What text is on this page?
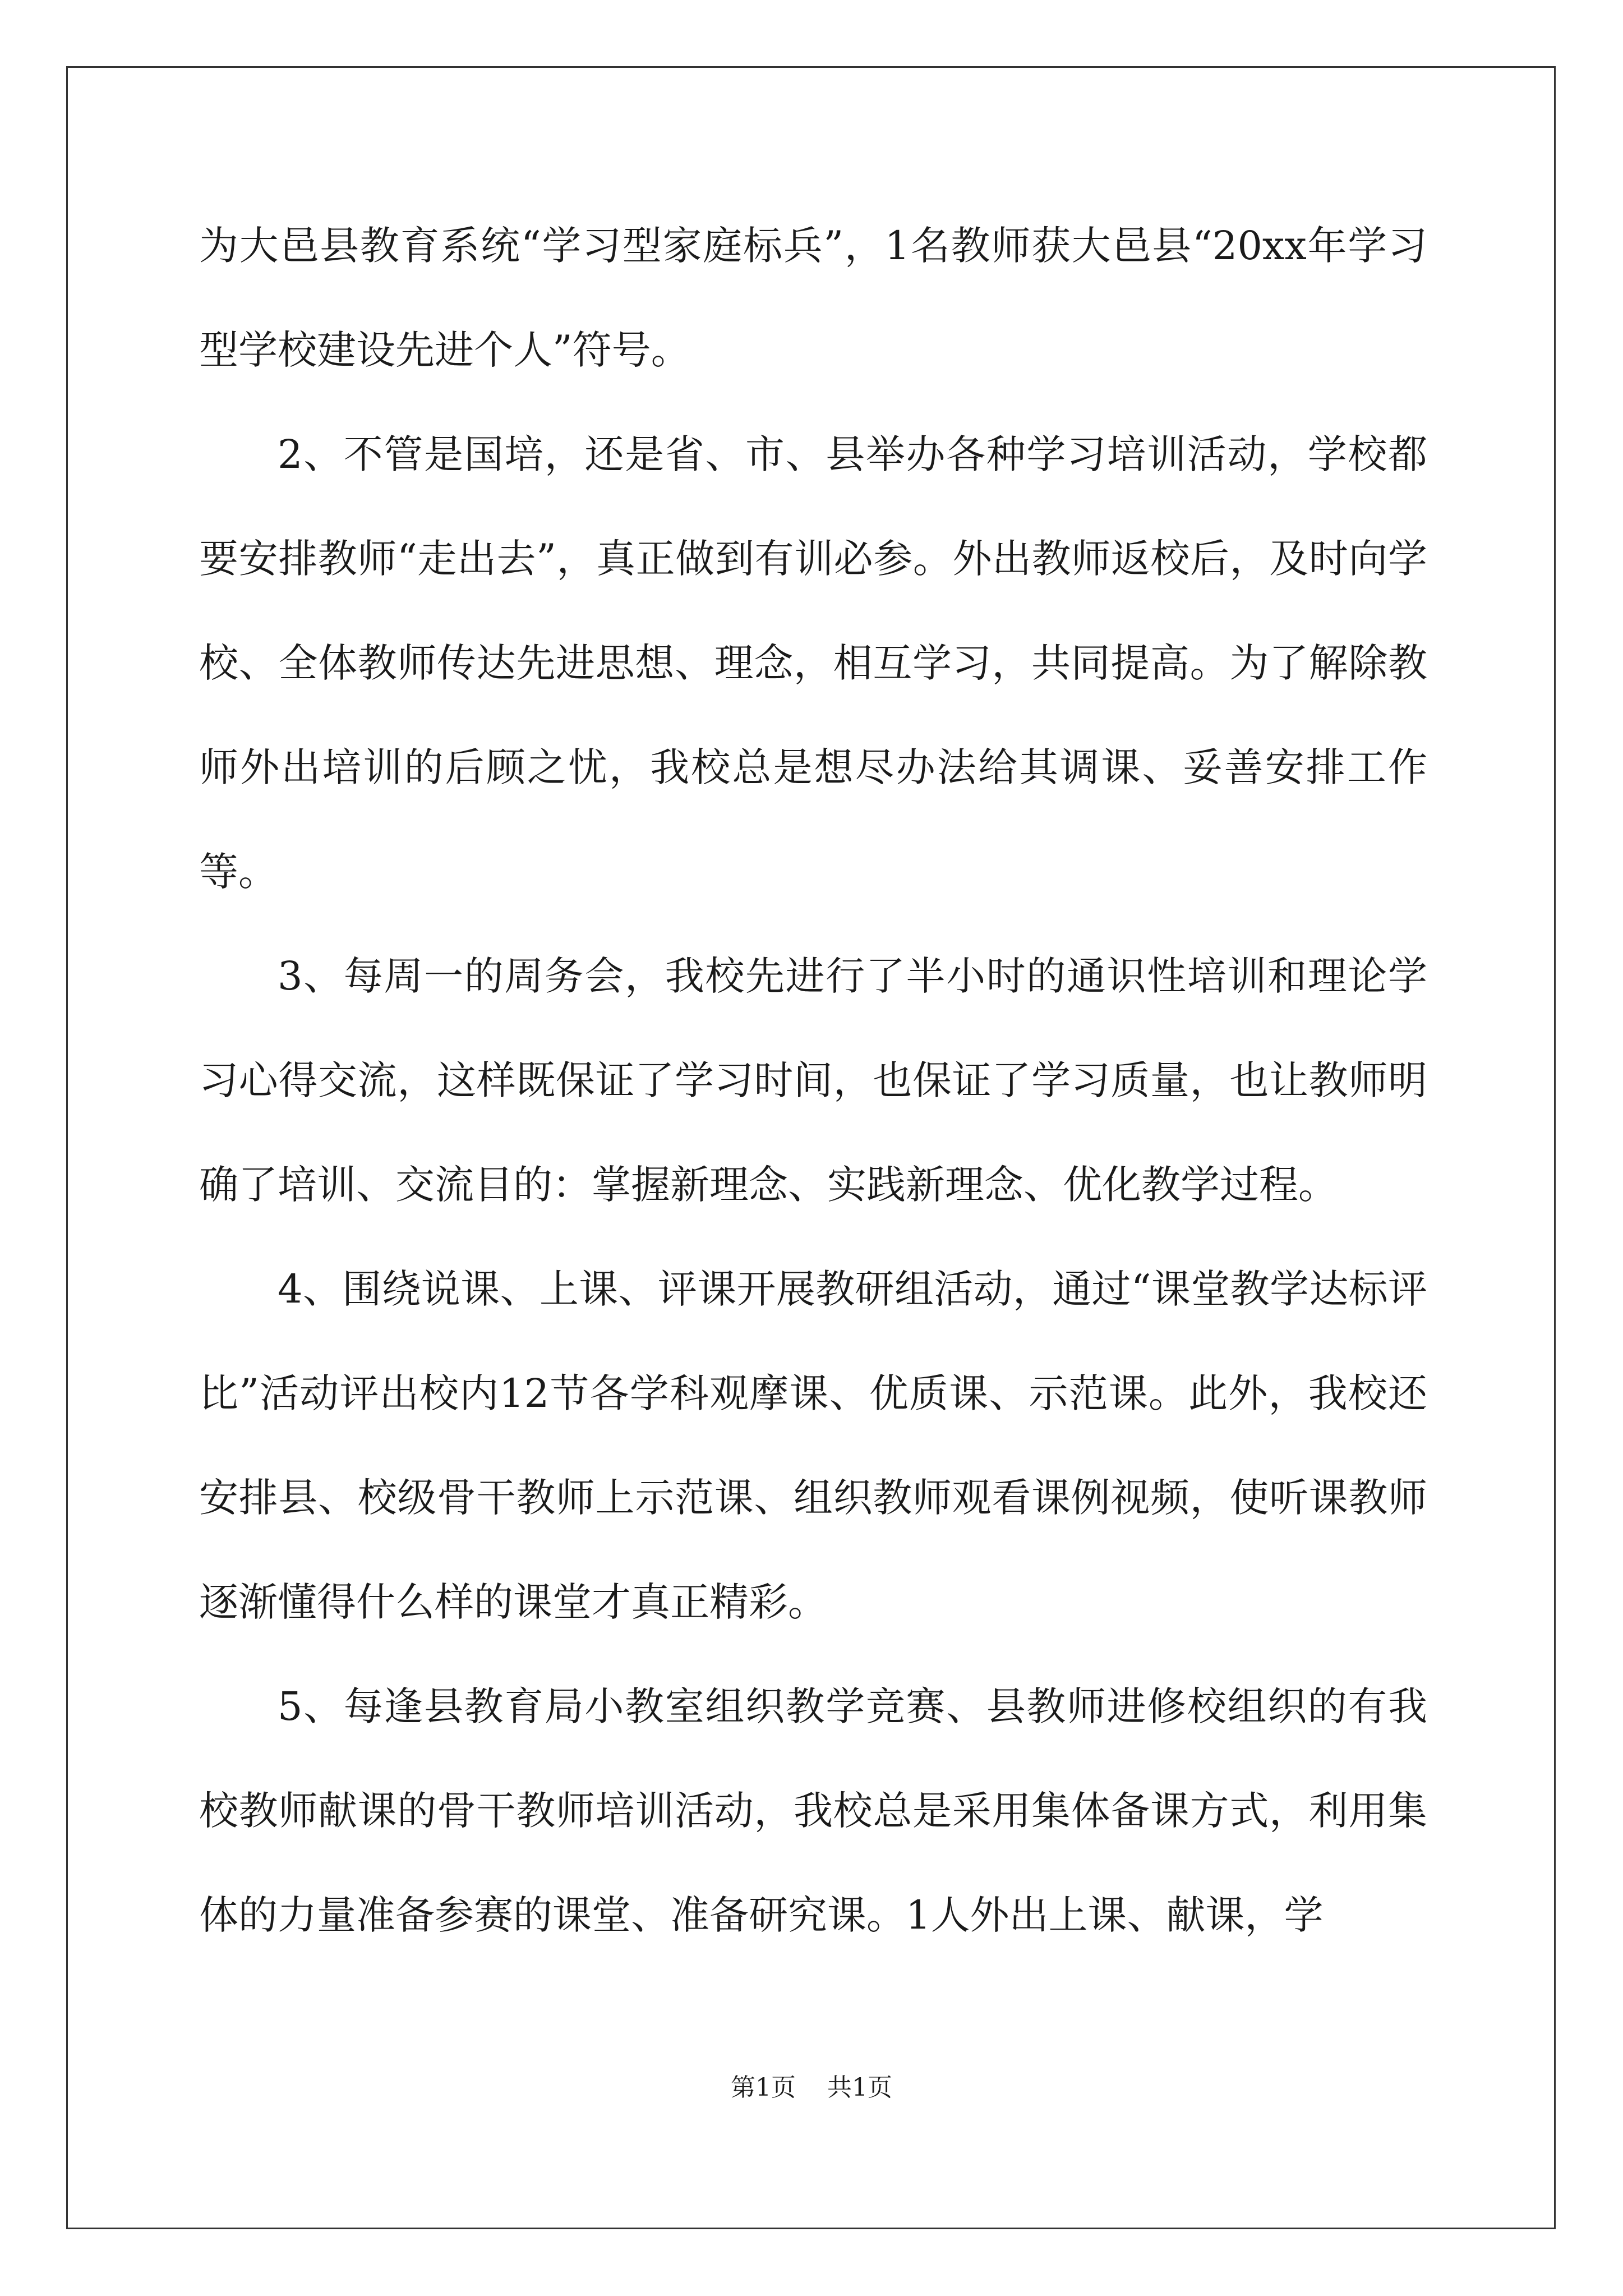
为大邑县教育系统“学习型家庭标兵”，1名教师获大邑县“20xx年学习型学校建设先进个人”符号。

2、不管是国培，还是省、市、县举办各种学习培训活动，学校都要安排教师“走出去”，真正做到有训必参。外出教师返校后，及时向学校、全体教师传达先进思想、理念，相互学习，共同提高。为了解除教师外出培训的后顾之忧，我校总是想尽办法给其调课、妥善安排工作等。

3、每周一的周务会，我校先进行了半小时的通识性培训和理论学习心得交流，这样既保证了学习时间，也保证了学习质量，也让教师明确了培训、交流目的：掌握新理念、实践新理念、优化教学过程。

4、围绕说课、上课、评课开展教研组活动，通过“课堂教学达标评比”活动评出校内12节各学科观摩课、优质课、示范课。此外，我校还安排县、校级骨干教师上示范课、组织教师观看课例视频，使听课教师逐渐懂得什么样的课堂才真正精彩。

5、每逢县教育局小教室组织教学竞赛、县教师进修校组织的有我校教师献课的骨干教师培训活动，我校总是采用集体备课方式，利用集体的力量准备参赛的课堂、准备研究课。1人外出上课、献课，学

第1页 共1页
